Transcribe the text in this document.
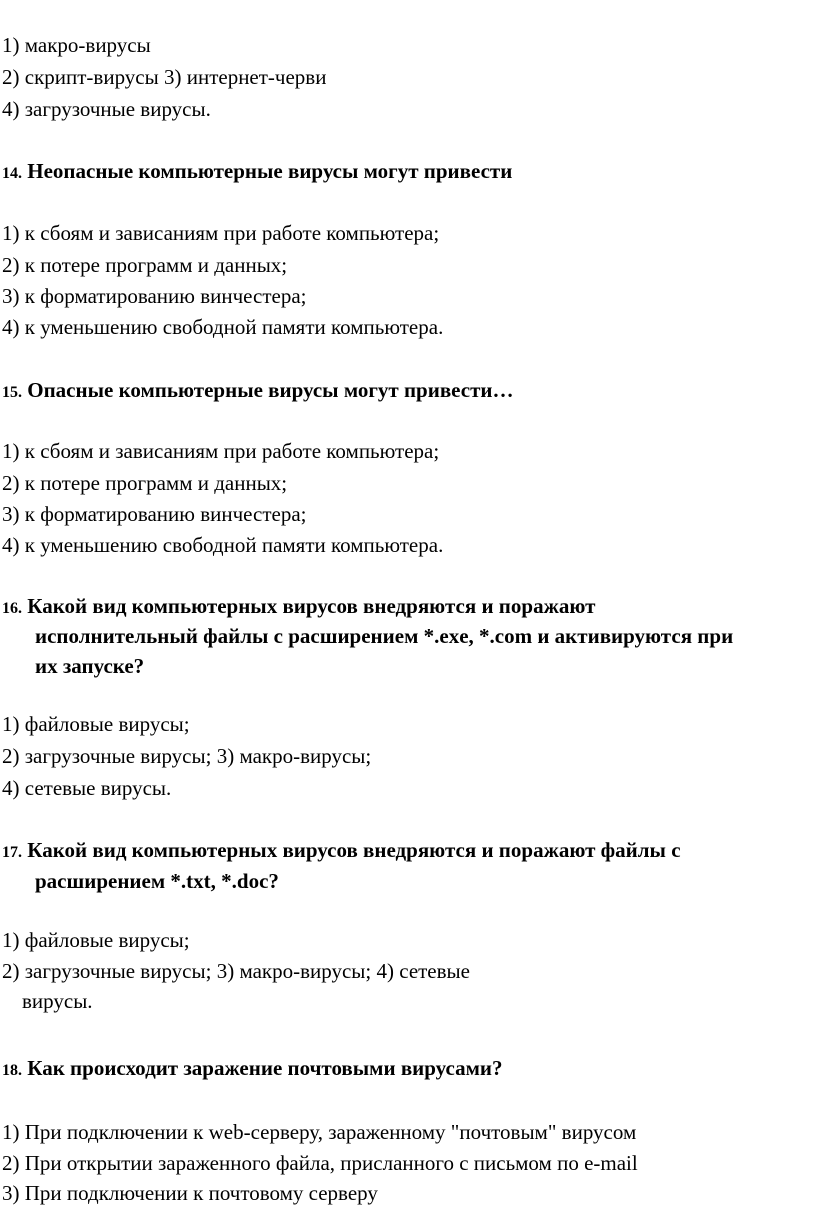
1) макро-вирусы
2) скрипт-вирусы 3) интернет-черви
4) загрузочные вирусы.
14. Неопасные компьютерные вирусы могут привести
1) к сбоям и зависаниям при работе компьютера;
2) к потере программ и данных;
3) к форматированию винчестера;
4) к уменьшению свободной памяти компьютера.
15. Опасные компьютерные вирусы могут привести…
1) к сбоям и зависаниям при работе компьютера;
2) к потере программ и данных;
3) к форматированию винчестера;
4) к уменьшению свободной памяти компьютера.
16. Какой вид компьютерных вирусов внедряются и поражают
исполнительный файлы с расширением *.exe, *.com и активируются при
их запуске?
1) файловые вирусы;
2) загрузочные вирусы; 3) макро-вирусы;
4) сетевые вирусы.
17. Какой вид компьютерных вирусов внедряются и поражают файлы с
расширением *.txt, *.doc?
1) файловые вирусы;
2) загрузочные вирусы; 3) макро-вирусы; 4) сетевые
вирусы.
18. Как происходит заражение почтовыми вирусами?
1) При подключении к web-серверу, зараженному "почтовым" вирусом
2) При открытии зараженного файла, присланного с письмом по e-mail
3) При подключении к почтовому серверу
